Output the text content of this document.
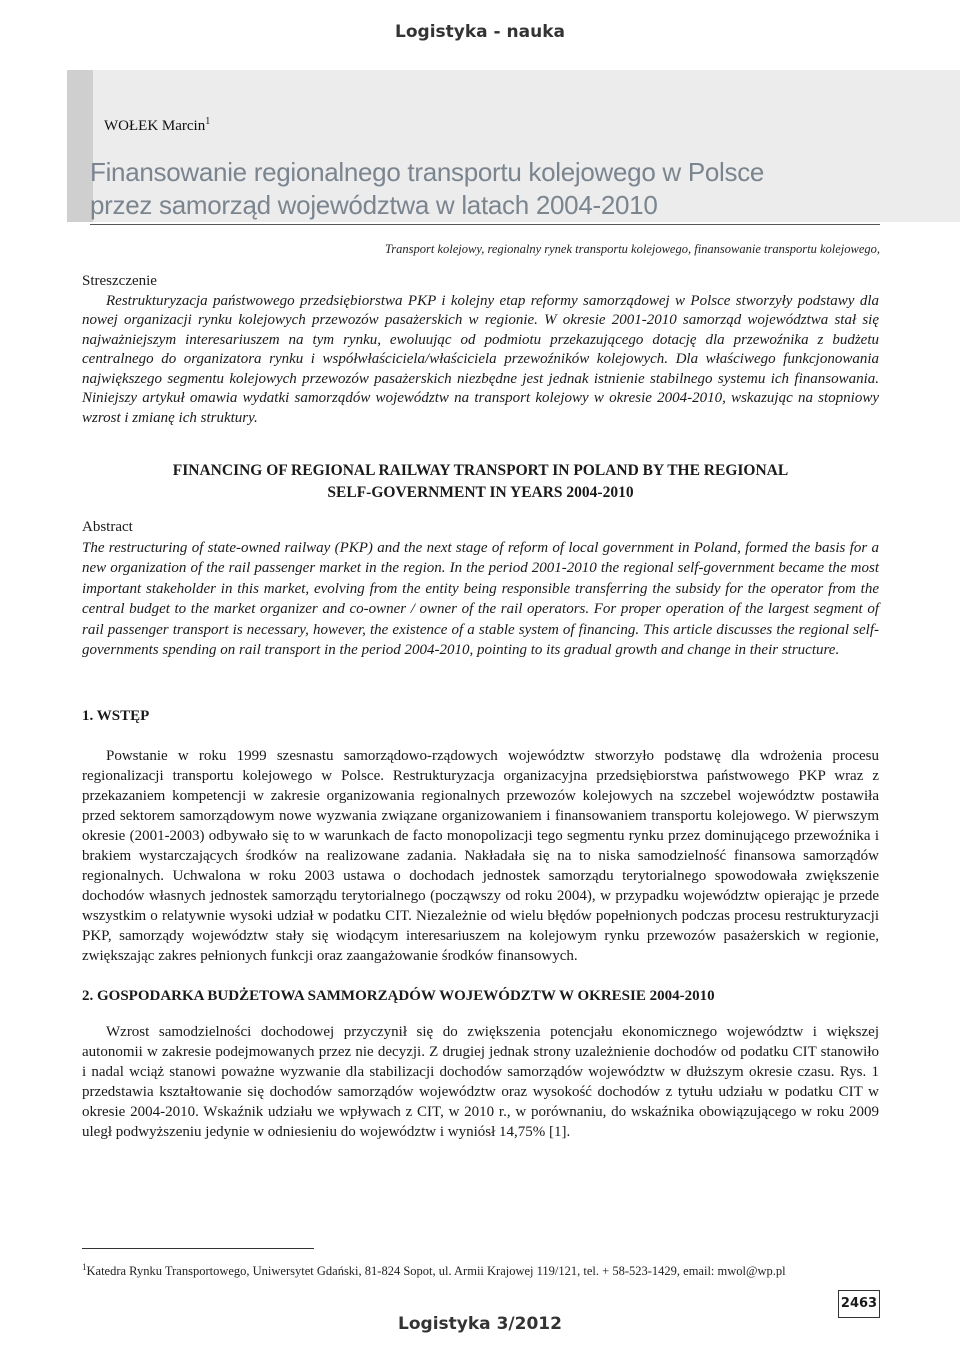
Logistyka - nauka
WOŁEK Marcin$^1$
Finansowanie regionalnego transportu kolejowego w Polsce
przez samorząd województwa w latach 2004-2010
Transport kolejowy, regionalny rynek transportu kolejowego, finansowanie transportu kolejowego,
Streszczenie
Restrukturyzacja państwowego przedsiębiorstwa PKP i kolejny etap reformy samorządowej w Polsce stworzyły podstawy dla nowej organizacji rynku kolejowych przewozów pasażerskich w regionie. W okresie 2001-2010 samorząd województwa stał się najważniejszym interesariuszem na tym rynku, ewoluując od podmiotu przekazującego dotację dla przewoźnika z budżetu centralnego do organizatora rynku i współwłaściciela/właściciela przewoźników kolejowych. Dla właściwego funkcjonowania największego segmentu kolejowych przewozów pasażerskich niezbędne jest jednak istnienie stabilnego systemu ich finansowania. Niniejszy artykuł omawia wydatki samorządów województw na transport kolejowy w okresie 2004-2010, wskazując na stopniowy wzrost i zmianę ich struktury.
FINANCING OF REGIONAL RAILWAY TRANSPORT IN POLAND BY THE REGIONAL
SELF-GOVERNMENT IN YEARS 2004-2010
Abstract
The restructuring of state-owned railway (PKP) and the next stage of reform of local government in Poland, formed the basis for a new organization of the rail passenger market in the region. In the period 2001-2010 the regional self-government became the most important stakeholder in this market, evolving from the entity being responsible transferring the subsidy for the operator from the central budget to the market organizer and co-owner / owner of the rail operators. For proper operation of the largest segment of rail passenger transport is necessary, however, the existence of a stable system of financing. This article discusses the regional self-governments spending on rail transport in the period 2004-2010, pointing to its gradual growth and change in their structure.
1. WSTĘP
Powstanie w roku 1999 szesnastu samorządowo-rządowych województw stworzyło podstawę dla wdrożenia procesu regionalizacji transportu kolejowego w Polsce. Restrukturyzacja organizacyjna przedsiębiorstwa państwowego PKP wraz z przekazaniem kompetencji w zakresie organizowania regionalnych przewozów kolejowych na szczebel województw postawiła przed sektorem samorządowym nowe wyzwania związane organizowaniem i finansowaniem transportu kolejowego. W pierwszym okresie (2001-2003) odbywało się to w warunkach de facto monopolizacji tego segmentu rynku przez dominującego przewoźnika i brakiem wystarczających środków na realizowane zadania. Nakładała się na to niska samodzielność finansowa samorządów regionalnych. Uchwalona w roku 2003 ustawa o dochodach jednostek samorządu terytorialnego spowodowała zwiększenie dochodów własnych jednostek samorządu terytorialnego (począwszy od roku 2004), w przypadku województw opierając je przede wszystkim o relatywnie wysoki udział w podatku CIT. Niezależnie od wielu błędów popełnionych podczas procesu restrukturyzacji PKP, samorządy województw stały się wiodącym interesariuszem na kolejowym rynku przewozów pasażerskich w regionie, zwiększając zakres pełnionych funkcji oraz zaangażowanie środków finansowych.
2. GOSPODARKA BUDŻETOWA SAMMORZĄDÓW WOJEWÓDZTW W OKRESIE 2004-2010
Wzrost samodzielności dochodowej przyczynił się do zwiększenia potencjału ekonomicznego województw i większej autonomii w zakresie podejmowanych przez nie decyzji. Z drugiej jednak strony uzależnienie dochodów od podatku CIT stanowiło i nadal wciąż stanowi poważne wyzwanie dla stabilizacji dochodów samorządów województw w dłuższym okresie czasu. Rys. 1 przedstawia kształtowanie się dochodów samorządów województw oraz wysokość dochodów z tytułu udziału w podatku CIT w okresie 2004-2010. Wskaźnik udziału we wpływach z CIT, w 2010 r., w porównaniu, do wskaźnika obowiązującego w roku 2009 uległ podwyższeniu jedynie w odniesieniu do województw i wyniósł 14,75% [1].
$^1$Katedra Rynku Transportowego, Uniwersytet Gdański, 81-824 Sopot, ul. Armii Krajowej 119/121, tel. + 58-523-1429, email: mwol@wp.pl
2463
Logistyka 3/2012
